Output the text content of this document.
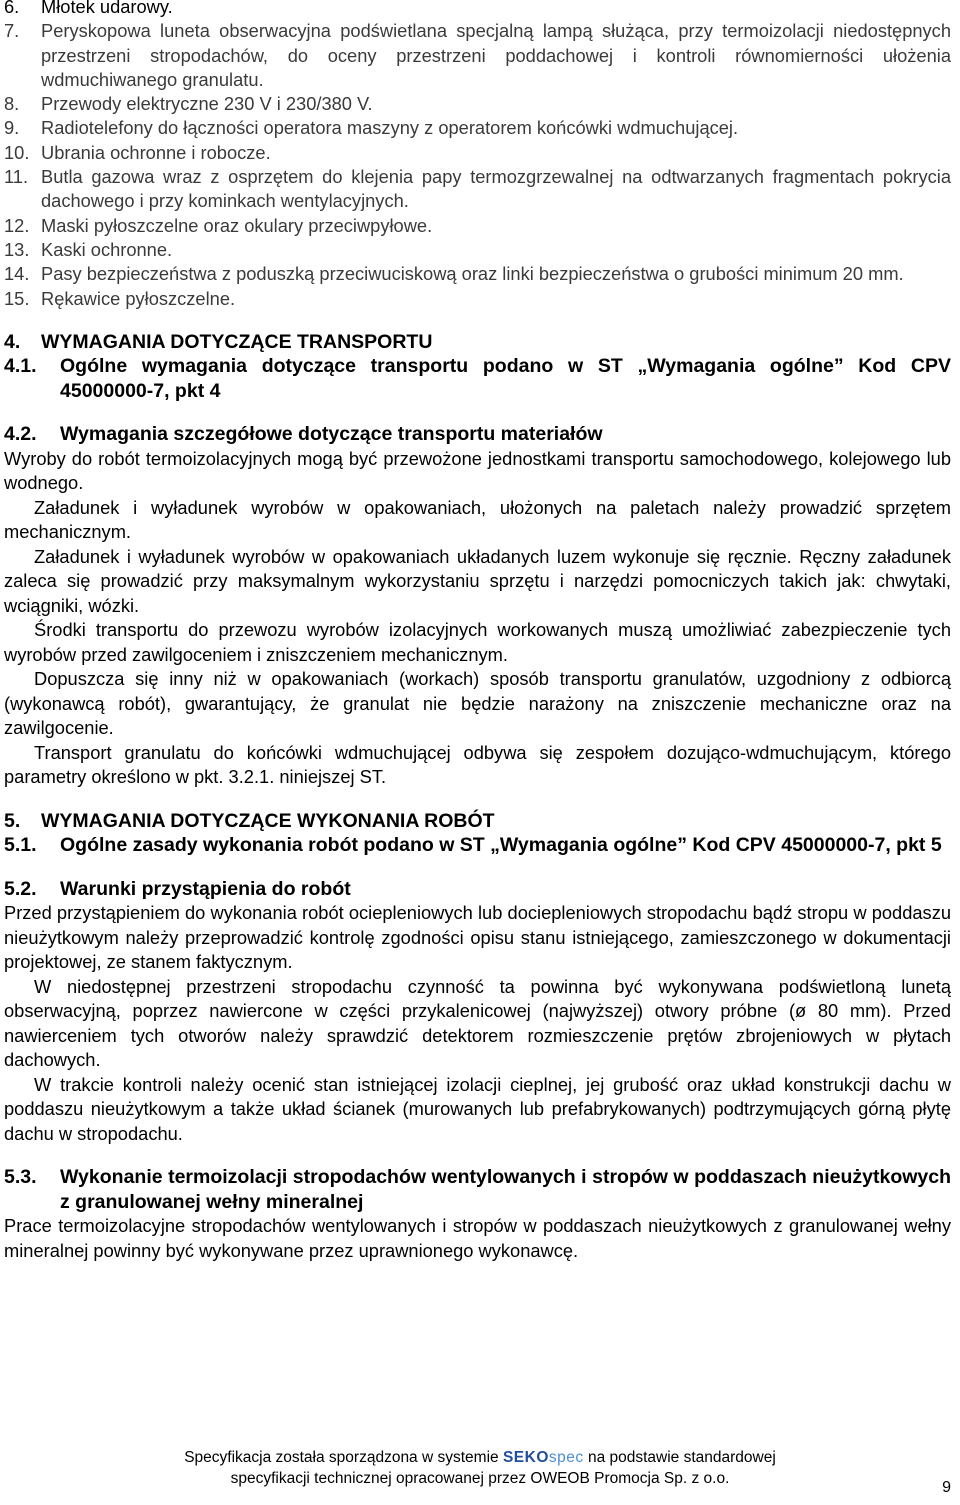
6. Młotek udarowy.
7. Peryskopowa luneta obserwacyjna podświetlana specjalną lampą służąca, przy termoizolacji niedostępnych przestrzeni stropodachów, do oceny przestrzeni poddachowej i kontroli równomierności ułożenia wdmuchiwanego granulatu.
8. Przewody elektryczne 230 V i 230/380 V.
9. Radiotelefony do łączności operatora maszyny z operatorem końcówki wdmuchującej.
10. Ubrania ochronne i robocze.
11. Butla gazowa wraz z osprzętem do klejenia papy termozgrzewalnej na odtwarzanych fragmentach pokrycia dachowego i przy kominkach wentylacyjnych.
12. Maski pyłoszczelne oraz okulary przeciwpyłowe.
13. Kaski ochronne.
14. Pasy bezpieczeństwa z poduszką przeciwuciskową oraz linki bezpieczeństwa o grubości minimum 20 mm.
15. Rękawice pyłoszczelne.
4. WYMAGANIA DOTYCZĄCE TRANSPORTU
4.1. Ogólne wymagania dotyczące transportu podano w ST „Wymagania ogólne” Kod CPV 45000000-7, pkt 4
4.2. Wymagania szczegółowe dotyczące transportu materiałów

Wyroby do robót termoizolacyjnych mogą być przewożone jednostkami transportu samochodowego, kolejowego lub wodnego.

Załadunek i wyładunek wyrobów w opakowaniach, ułożonych na paletach należy prowadzić sprzętem mechanicznym.

Załadunek i wyładunek wyrobów w opakowaniach układanych luzem wykonuje się ręcznie. Ręczny załadunek zaleca się prowadzić przy maksymalnym wykorzystaniu sprzętu i narzędzi pomocniczych takich jak: chwytaki, wciągniki, wózki.

Środki transportu do przewozu wyrobów izolacyjnych workowanych muszą umożliwiać zabezpieczenie tych wyrobów przed zawilgoceniem i zniszczeniem mechanicznym.

Dopuszcza się inny niż w opakowaniach (workach) sposób transportu granulatów, uzgodniony z odbiorcą (wykonawcą robót), gwarantujący, że granulat nie będzie narażony na zniszczenie mechaniczne oraz na zawilgocenie.

Transport granulatu do końcówki wdmuchującej odbywa się zespołem dozująco-wdmuchującym, którego parametry określono w pkt. 3.2.1. niniejszej ST.

5. WYMAGANIA DOTYCZĄCE WYKONANIA ROBÓT
5.1. Ogólne zasady wykonania robót podano w ST „Wymagania ogólne” Kod CPV 45000000-7, pkt 5
5.2. Warunki przystąpienia do robót

Przed przystąpieniem do wykonania robót ociepleniowych lub dociepleniowych stropodachu bądź stropu w poddaszu nieużytkowym należy przeprowadzić kontrolę zgodności opisu stanu istniejącego, zamieszczonego w dokumentacji projektowej, ze stanem faktycznym.

W niedostępnej przestrzeni stropodachu czynność ta powinna być wykonywana podświetloną lunetą obserwacyjną, poprzez nawiercone w części przykalenicowej (najwyższej) otwory próbne (ø 80 mm). Przed nawierceniem tych otworów należy sprawdzić detektorem rozmieszczenie prętów zbrojeniowych w płytach dachowych.

W trakcie kontroli należy ocenić stan istniejącej izolacji cieplnej, jej grubość oraz układ konstrukcji dachu w poddaszu nieużytkowym a także układ ścianek (murowanych lub prefabrykowanych) podtrzymujących górną płytę dachu w stropodachu.

5.3. Wykonanie termoizolacji stropodachów wentylowanych i stropów w poddaszach nieużytkowych z granulowanej wełny mineralnej

Prace termoizolacyjne stropodachów wentylowanych i stropów w poddaszach nieużytkowych z granulowanej wełny mineralnej powinny być wykonywane przez uprawnionego wykonawcę.

Specyfikacja została sporządzona w systemie SEKOspec na podstawie standardowej
specyfikacji technicznej opracowanej przez OWEOB Promocja Sp. z o.o.
9
